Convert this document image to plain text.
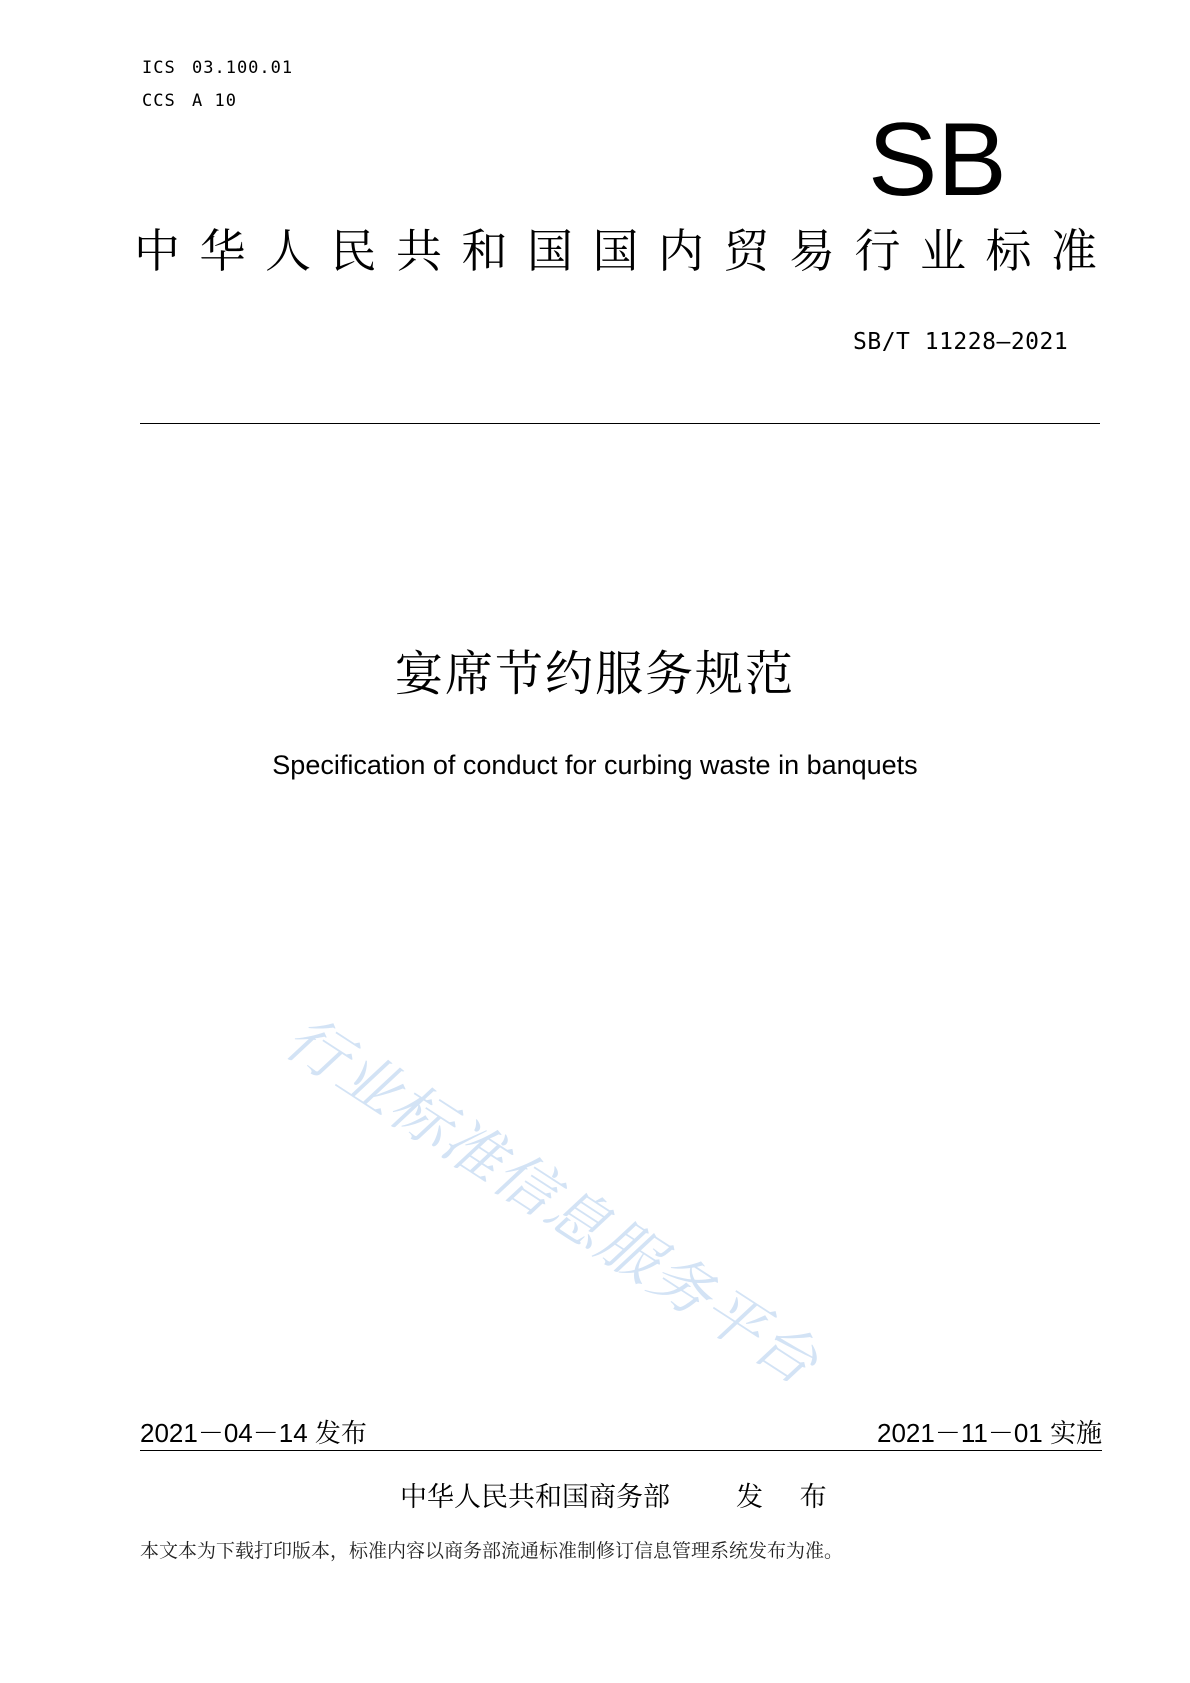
ICS 03.100.01
CCS A 10
SB
中华人民共和国国内贸易行业标准
SB/T 11228—2021
宴席节约服务规范
Specification of conduct for curbing waste in banquets
行业标准信息服务平台
2021－04－14 发布	2021－11－01 实施
中华人民共和国商务部 发 布
本文本为下载打印版本，标准内容以商务部流通标准制修订信息管理系统发布为准。
